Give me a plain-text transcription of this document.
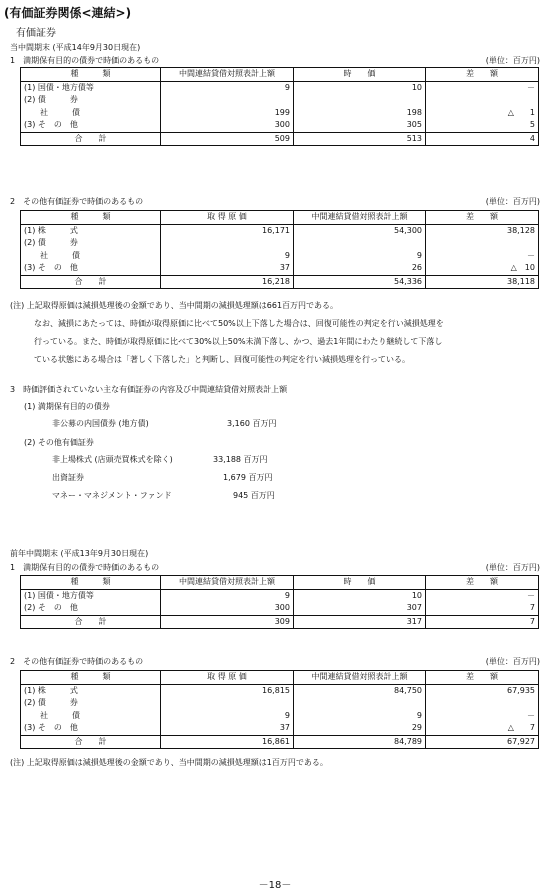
(有価証券関係<連結>)
有価証券
当中間期末 (平成14年9月30日現在)
1　満期保有目的の債券で時価のあるもの	(単位：百万円)
種　　　類	中間連結貸借対照表計上額	時　　価	差　　額
(1) 国債・地方債等	9	10	－
(2) 債　　　券			
　　社　　　債	199	198	△　　1
(3) そ　の　他	300	305	5
合　　計	509	513	4
2　その他有価証券で時価のあるもの	(単位：百万円)
種　　　類	取 得 原 価	中間連結貸借対照表計上額	差　　額
(1) 株　　　式	16,171	54,300	38,128
(2) 債　　　券			
　　社　　　債	9	9	－
(3) そ　の　他	37	26	△　10
合　　計	16,218	54,336	38,118
(注) 上記取得原価は減損処理後の金額であり、当中間期の減損処理額は661百万円である。
なお、減損にあたっては、時価が取得原価に比べて50%以上下落した場合は、回復可能性の判定を行い減損処理を
行っている。また、時価が取得原価に比べて30%以上50%未満下落し、かつ、過去1年間にわたり継続して下落し
ている状態にある場合は「著しく下落した」と判断し、回復可能性の判定を行い減損処理を行っている。
3　時価評価されていない主な有価証券の内容及び中間連結貸借対照表計上額
(1) 満期保有目的の債券
非公募の内国債券 (地方債)	3,160 百万円
(2) その他有価証券
非上場株式 (店頭売買株式を除く)	33,188 百万円
出資証券	1,679 百万円
マネー・マネジメント・ファンド	945 百万円
前年中間期末 (平成13年9月30日現在)
1　満期保有目的の債券で時価のあるもの	(単位：百万円)
種　　　類	中間連結貸借対照表計上額	時　　価	差　　額
(1) 国債・地方債等	9	10	－
(2) そ　の　他	300	307	7
合　　計	309	317	7
2　その他有価証券で時価のあるもの	(単位：百万円)
種　　　類	取 得 原 価	中間連結貸借対照表計上額	差　　額
(1) 株　　　式	16,815	84,750	67,935
(2) 債　　　券			
　　社　　　債	9	9	－
(3) そ　の　他	37	29	△　　7
合　　計	16,861	84,789	67,927
(注) 上記取得原価は減損処理後の金額であり、当中間期の減損処理額は1百万円である。
－18－
